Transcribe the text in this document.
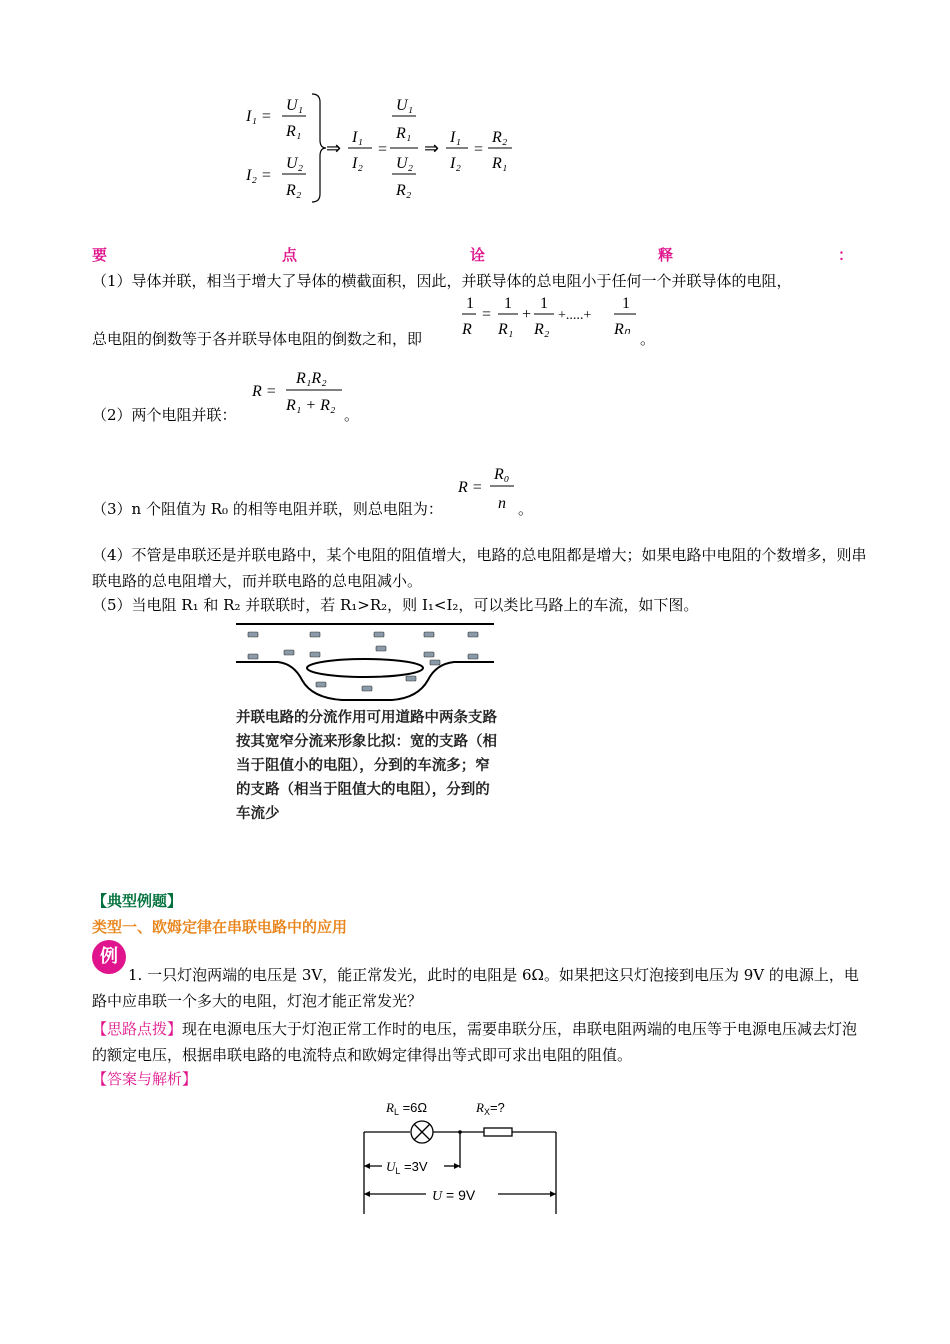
I₁ =
U₁
R₁
I₂ =
U₂
R₂
⇒
I₁
I₂
=
U₁
R₁
U₂
R₂
⇒
I₁
I₂
=
R₂
R₁
要	点	诠	释	：
（1）导体并联，相当于增大了导体的横截面积，因此，并联导体的总电阻小于任何一个并联导体的电阻，
总电阻的倒数等于各并联导体电阻的倒数之和，即
1
R
=
1
R₁
+
1
R₂
+.....+
1
Rₙ
。
（2）两个电阻并联：
R =
R₁R₂
R₁ + R₂
。
（3）n 个阻值为 R₀ 的相等电阻并联，则总电阻为：
R =
R₀
n 。
（4）不管是串联还是并联电路中，某个电阻的阻值增大，电路的总电阻都是增大；如果电路中电阻的个数增多，则串联电路的总电阻增大，而并联电路的总电阻减小。
（5）当电阻 R₁ 和 R₂ 并联联时，若 R₁>R₂，则 I₁<I₂，可以类比马路上的车流，如下图。
并联电路的分流作用可用道路中两条支路按其宽窄分流来形象比拟：宽的支路（相当于阻值小的电阻），分到的车流多；窄的支路（相当于阻值大的电阻），分到的车流少
【典型例题】
类型一、欧姆定律在串联电路中的应用
例
1. 一只灯泡两端的电压是 3V，能正常发光，此时的电阻是 6Ω。如果把这只灯泡接到电压为 9V 的电源上，电路中应串联一个多大的电阻，灯泡才能正常发光？
【思路点拨】现在电源电压大于灯泡正常工作时的电压，需要串联分压，串联电阻两端的电压等于电源电压减去灯泡的额定电压，根据串联电路的电流特点和欧姆定律得出等式即可求出电阻的阻值。
【答案与解析】
$R_L =6\Omega$	$R_X=$?
$U_L =3V$
U = 9V
